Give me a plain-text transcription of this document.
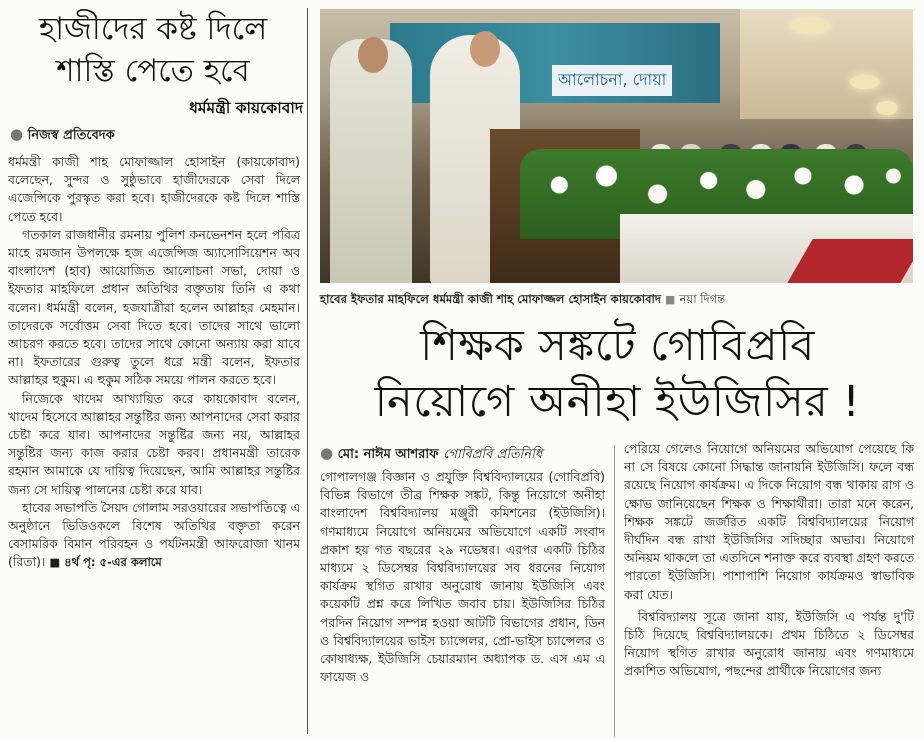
হাজীদের কষ্ট দিলে
শাস্তি পেতে হবে
ধর্মমন্ত্রী কায়কোবাদ
● নিজস্ব প্রতিবেদক

ধর্মমন্ত্রী কাজী শাহ মোফাজ্জাল হোসাইন (কায়কোবাদ) বলেছেন, সুন্দর ও সুষ্ঠুভাবে হাজীদেরকে সেবা দিলে এজেন্সিকে পুরস্কৃত করা হবে। হাজীদেরকে কষ্ট দিলে শাস্তি পেতে হবে।

গতকাল রাজধানীর রমনায় পুলিশ কনভেনশন হলে পবিত্র মাহে রমজান উপলক্ষে হজ এজেন্সিজ অ্যাসোসিয়েশন অব বাংলাদেশ (হাব) আয়োজিত আলোচনা সভা, দোয়া ও ইফতার মাহফিলে প্রধান অতিথির বক্তৃতায় তিনি এ কথা বলেন। ধর্মমন্ত্রী বলেন, হজযাত্রীরা হলেন আল্লাহর মেহমান। তাদেরকে সর্বোত্তম সেবা দিতে হবে। তাদের সাথে ভালো আচরণ করতে হবে। তাদের সাথে কোনো অন্যায় করা যাবে না। ইফতারের গুরুত্ব তুলে ধরে মন্ত্রী বলেন, ইফতার আল্লাহর হুকুম। এ হুকুম সঠিক সময়ে পালন করতে হবে।

নিজেকে খাদেম আখ্যায়িত করে কায়কোবাদ বলেন, খাদেম হিসেবে আল্লাহর সন্তুষ্টির জন্য আপনাদের সেবা করার চেষ্টা করে যাব। আপনাদের সন্তুষ্টির জন্য নয়, আল্লাহর সন্তুষ্টির জন্য কাজ করার চেষ্টা করব। প্রধানমন্ত্রী তারেক রহমান আমাকে যে দায়িত্ব দিয়েছেন, আমি আল্লাহর সন্তুষ্টির জন্য সে দায়িত্ব পালনের চেষ্টা করে যাব।

হাবের সভাপতি সৈয়দ গোলাম সরওয়ারের সভাপতিত্বে এ অনুষ্ঠানে ভিডিওকলে বিশেষ অতিথির বক্তৃতা করেন বেসামরিক বিমান পরিবহন ও পর্যটনমন্ত্রী আফরোজা খানম (রিতা)। ■ ৪র্থ পৃ: ৫-এর কলামে

আলোচনা, দোয়া
হাবের ইফতার মাহফিলে ধর্মমন্ত্রী কাজী শাহ মোফাজ্জল হোসাইন কায়কোবাদ ■ নয়া দিগন্ত
শিক্ষক সঙ্কটে গোবিপ্রবি
নিয়োগে অনীহা ইউজিসির !
● মো: নাঈম আশরাফ গোবিপ্রবি প্রতিনিধি

গোপালগঞ্জ বিজ্ঞান ও প্রযুক্তি বিশ্ববিদ্যালয়ের (গোবিপ্রবি) বিভিন্ন বিভাগে তীব্র শিক্ষক সঙ্কট, কিন্তু নিয়োগে অনীহা বাংলাদেশ বিশ্ববিদ্যালয় মঞ্জুরী কমিশনের (ইউজিসি)। গণমাধ্যমে নিয়োগে অনিয়মের অভিযোগে একটি সংবাদ প্রকাশ হয় গত বছরের ২৯ নভেম্বর। এরপর একটি চিঠির মাধ্যমে ২ ডিসেম্বর বিশ্ববিদ্যালয়ের সব ধরনের নিয়োগ কার্যক্রম স্থগিত রাখার অনুরোধ জানায় ইউজিসি এবং কয়েকটি প্রশ্ন করে লিখিত জবাব চায়। ইউজিসির চিঠির পরদিন নিয়োগ সম্পন্ন হওয়া আটটি বিভাগের প্রধান, ডিন ও বিশ্ববিদ্যালয়ের ভাইস চ্যান্সেলর, প্রো-ভাইস চ্যান্সেলর ও কোষাধ্যক্ষ, ইউজিসি চেয়ারম্যান অধ্যাপক ড. এস এম এ ফায়েজ ও

পেরিয়ে গেলেও নিয়োগে অনিয়মের অভিযোগ পেয়েছে কি না সে বিষয়ে কোনো সিদ্ধান্ত জানায়নি ইউজিসি। ফলে বন্ধ রয়েছে নিয়োগ কার্যক্রম। এ দিকে নিয়োগ বন্ধ থাকায় রাগ ও ক্ষোভ জানিয়েছেন শিক্ষক ও শিক্ষার্থীরা। তারা মনে করেন, শিক্ষক সঙ্কটে জর্জরিত একটি বিশ্ববিদ্যালয়ের নিয়োগ দীর্ঘদিন বন্ধ রাখা ইউজিসির সদিচ্ছার অভাব। নিয়োগে অনিয়ম থাকলে তা এতদিনে শনাক্ত করে ব্যবস্থা গ্রহণ করতে পারতো ইউজিসি। পাশাপাশি নিয়োগ কার্যক্রমও স্বাভাবিক করা যেত।

বিশ্ববিদ্যালয় সূত্রে জানা যায়, ইউজিসি এ পর্যন্ত দু'টি চিঠি দিয়েছে বিশ্ববিদ্যালয়কে। প্রথম চিঠিতে ২ ডিসেম্বর নিয়োগ স্থগিত রাখার অনুরোধ জানায় এবং গণমাধ্যমে প্রকাশিত অভিযোগ, পছন্দের প্রার্থীকে নিয়োগের জন্য
